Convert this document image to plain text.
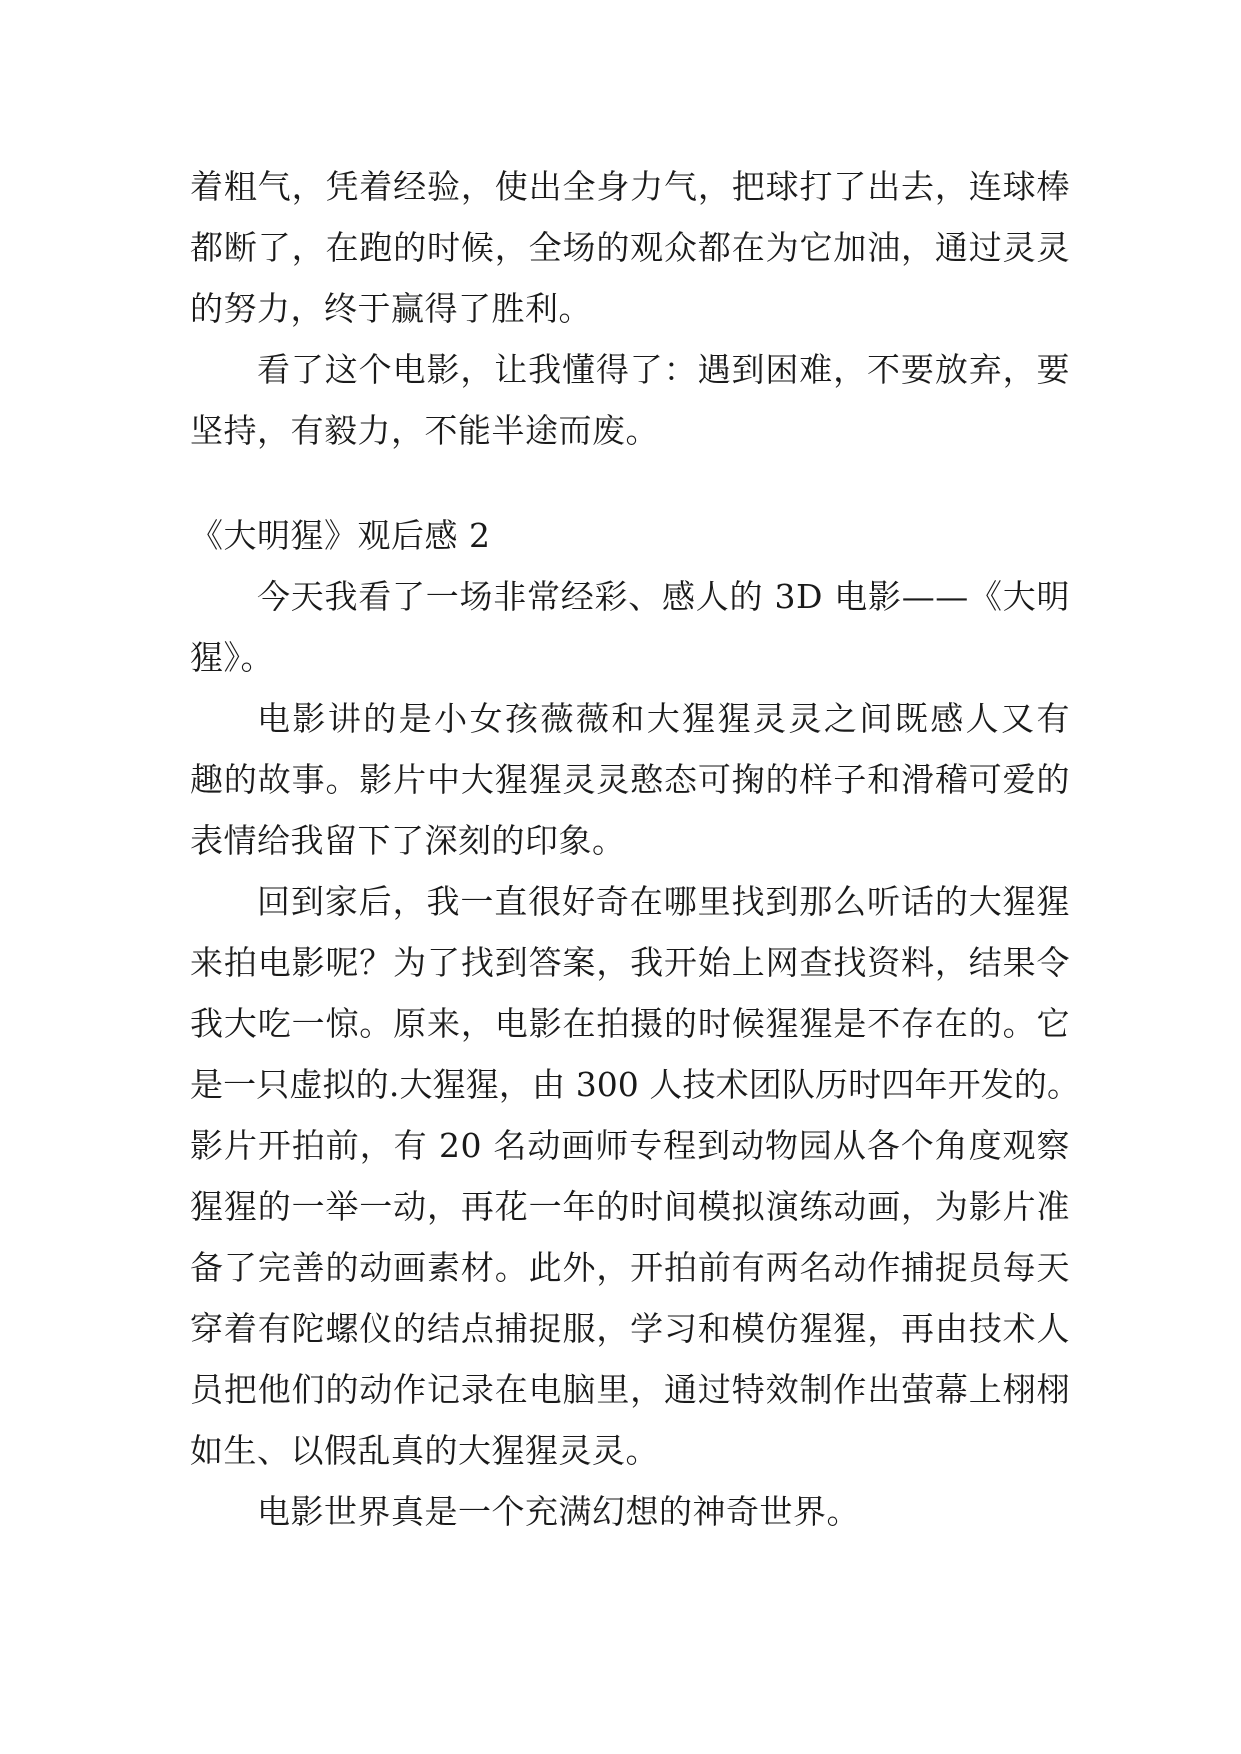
着粗气，凭着经验，使出全身力气，把球打了出去，连球棒

都断了，在跑的时候，全场的观众都在为它加油，通过灵灵

的努力，终于赢得了胜利。

看了这个电影，让我懂得了：遇到困难，不要放弃，要

坚持，有毅力，不能半途而废。

《大明猩》观后感 2

今天我看了一场非常经彩、感人的 3D 电影——《大明

猩》。

电影讲的是小女孩薇薇和大猩猩灵灵之间既感人又有

趣的故事。影片中大猩猩灵灵憨态可掬的样子和滑稽可爱的

表情给我留下了深刻的印象。

回到家后，我一直很好奇在哪里找到那么听话的大猩猩

来拍电影呢？为了找到答案，我开始上网查找资料，结果令

我大吃一惊。原来，电影在拍摄的时候猩猩是不存在的。它

是一只虚拟的.大猩猩，由 300 人技术团队历时四年开发的。

影片开拍前，有 20 名动画师专程到动物园从各个角度观察

猩猩的一举一动，再花一年的时间模拟演练动画，为影片准

备了完善的动画素材。此外，开拍前有两名动作捕捉员每天

穿着有陀螺仪的结点捕捉服，学习和模仿猩猩，再由技术人

员把他们的动作记录在电脑里，通过特效制作出萤幕上栩栩

如生、以假乱真的大猩猩灵灵。

电影世界真是一个充满幻想的神奇世界。
